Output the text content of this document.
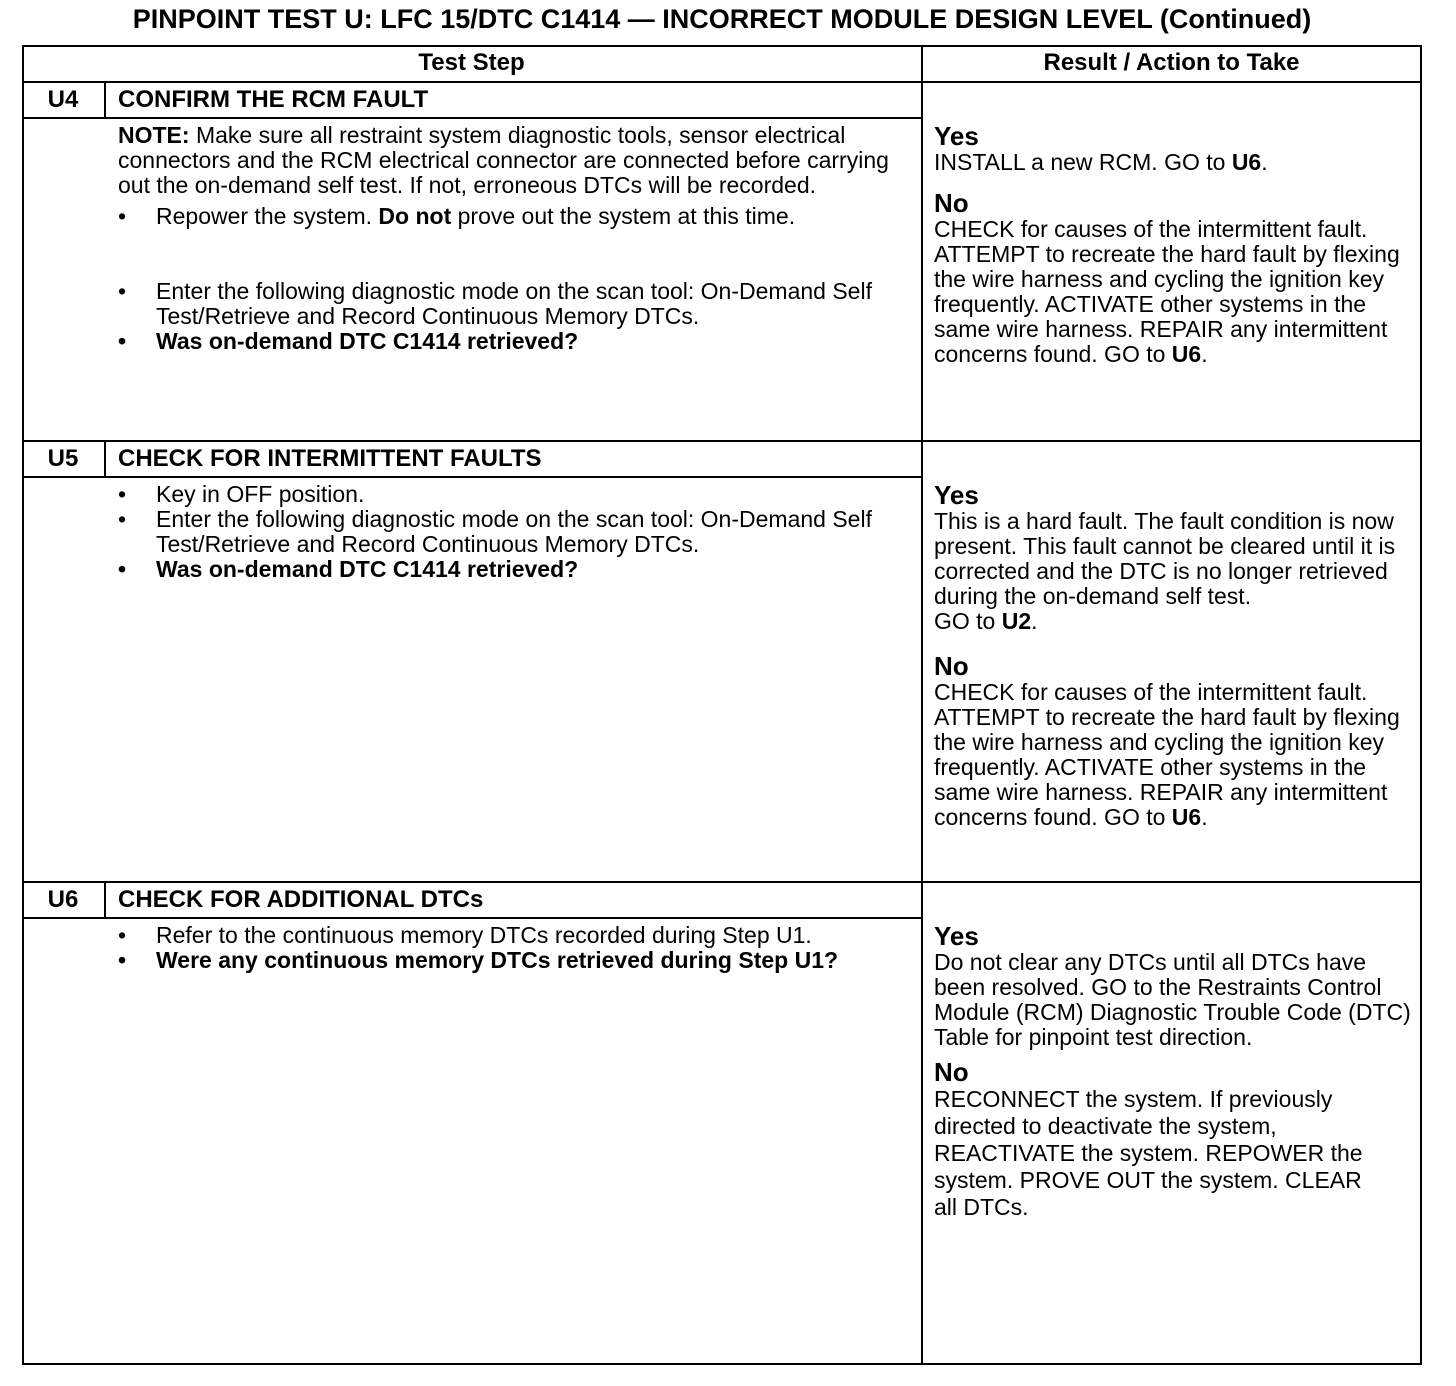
PINPOINT TEST U: LFC 15/DTC C1414 — INCORRECT MODULE DESIGN LEVEL (Continued)
Test Step	Result / Action to Take
U4	CONFIRM THE RCM FAULT
NOTE: Make sure all restraint system diagnostic tools, sensor electrical connectors and the RCM electrical connector are connected before carrying out the on-demand self test. If not, erroneous DTCs will be recorded.
• Repower the system. Do not prove out the system at this time.
• Enter the following diagnostic mode on the scan tool: On-Demand Self Test/Retrieve and Record Continuous Memory DTCs.
• Was on-demand DTC C1414 retrieved?
Yes
INSTALL a new RCM. GO to U6.
No
CHECK for causes of the intermittent fault. ATTEMPT to recreate the hard fault by flexing the wire harness and cycling the ignition key frequently. ACTIVATE other systems in the same wire harness. REPAIR any intermittent concerns found. GO to U6.
U5	CHECK FOR INTERMITTENT FAULTS
• Key in OFF position.
• Enter the following diagnostic mode on the scan tool: On-Demand Self Test/Retrieve and Record Continuous Memory DTCs.
• Was on-demand DTC C1414 retrieved?
Yes
This is a hard fault. The fault condition is now present. This fault cannot be cleared until it is corrected and the DTC is no longer retrieved during the on-demand self test.
GO to U2.
No
CHECK for causes of the intermittent fault. ATTEMPT to recreate the hard fault by flexing the wire harness and cycling the ignition key frequently. ACTIVATE other systems in the same wire harness. REPAIR any intermittent concerns found. GO to U6.
U6	CHECK FOR ADDITIONAL DTCs
• Refer to the continuous memory DTCs recorded during Step U1.
• Were any continuous memory DTCs retrieved during Step U1?
Yes
Do not clear any DTCs until all DTCs have been resolved. GO to the Restraints Control Module (RCM) Diagnostic Trouble Code (DTC) Table for pinpoint test direction.
No
RECONNECT the system. If previously directed to deactivate the system, REACTIVATE the system. REPOWER the system. PROVE OUT the system. CLEAR all DTCs.
